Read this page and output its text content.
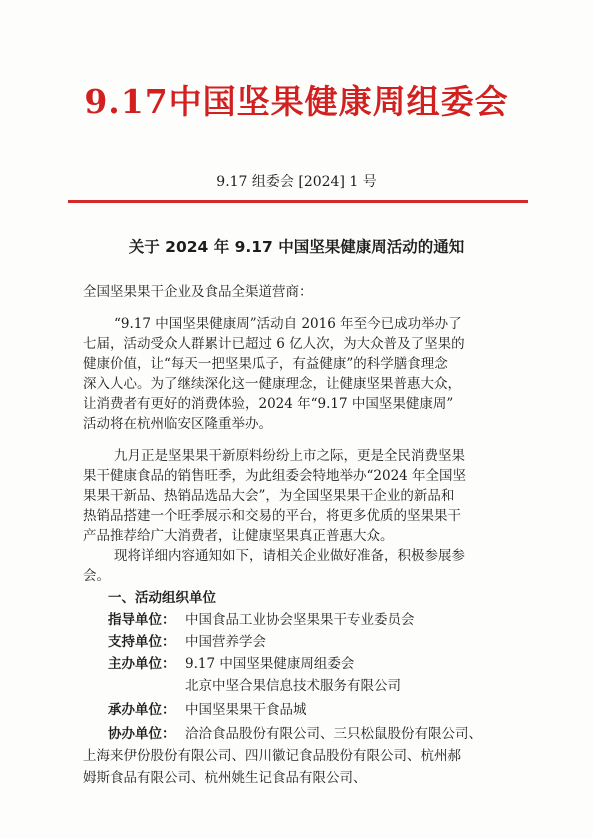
9.17中国坚果健康周组委会
9.17 组委会 [2024] 1 号
关于 2024 年 9.17 中国坚果健康周活动的通知
全国坚果果干企业及食品全渠道营商：
“9.17 中国坚果健康周”活动自 2016 年至今已成功举办了
七届，活动受众人群累计已超过 6 亿人次，为大众普及了坚果的
健康价值，让“每天一把坚果瓜子，有益健康”的科学膳食理念
深入人心。为了继续深化这一健康理念，让健康坚果普惠大众，
让消费者有更好的消费体验，2024 年“9.17 中国坚果健康周”
活动将在杭州临安区隆重举办。
九月正是坚果果干新原料纷纷上市之际，更是全民消费坚果
果干健康食品的销售旺季，为此组委会特地举办“2024 年全国坚
果果干新品、热销品选品大会”，为全国坚果果干企业的新品和
热销品搭建一个旺季展示和交易的平台，将更多优质的坚果果干
产品推荐给广大消费者，让健康坚果真正普惠大众。
现将详细内容通知如下，请相关企业做好准备，积极参展参
会。
一、活动组织单位
指导单位： 中国食品工业协会坚果果干专业委员会
支持单位： 中国营养学会
主办单位： 9.17 中国坚果健康周组委会
北京中坚合果信息技术服务有限公司
承办单位： 中国坚果果干食品城
协办单位： 洽洽食品股份有限公司、三只松鼠股份有限公司、
上海来伊份股份有限公司、四川徽记食品股份有限公司、杭州郝
姆斯食品有限公司、杭州姚生记食品有限公司、
